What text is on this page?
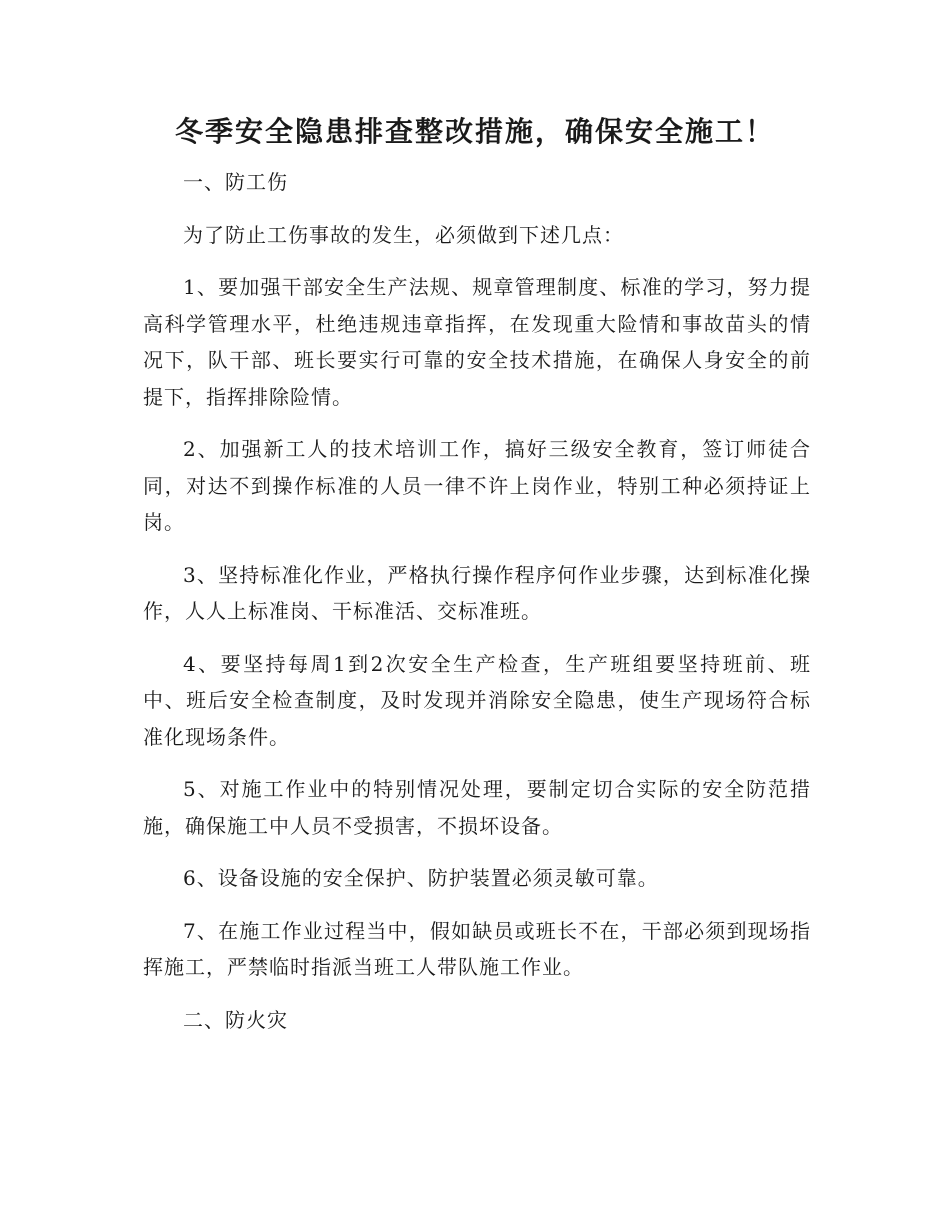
冬季安全隐患排查整改措施，确保安全施工！

一、防工伤

为了防止工伤事故的发生，必须做到下述几点：

1、要加强干部安全生产法规、规章管理制度、标准的学习，努力提高科学管理水平，杜绝违规违章指挥，在发现重大险情和事故苗头的情况下，队干部、班长要实行可靠的安全技术措施，在确保人身安全的前提下，指挥排除险情。

2、加强新工人的技术培训工作，搞好三级安全教育，签订师徒合同，对达不到操作标准的人员一律不许上岗作业，特别工种必须持证上岗。

3、坚持标准化作业，严格执行操作程序何作业步骤，达到标准化操作，人人上标准岗、干标准活、交标准班。

4、要坚持每周1到2次安全生产检查，生产班组要坚持班前、班中、班后安全检查制度，及时发现并消除安全隐患，使生产现场符合标准化现场条件。

5、对施工作业中的特别情况处理，要制定切合实际的安全防范措施，确保施工中人员不受损害，不损坏设备。

6、设备设施的安全保护、防护装置必须灵敏可靠。

7、在施工作业过程当中，假如缺员或班长不在，干部必须到现场指挥施工，严禁临时指派当班工人带队施工作业。

二、防火灾
